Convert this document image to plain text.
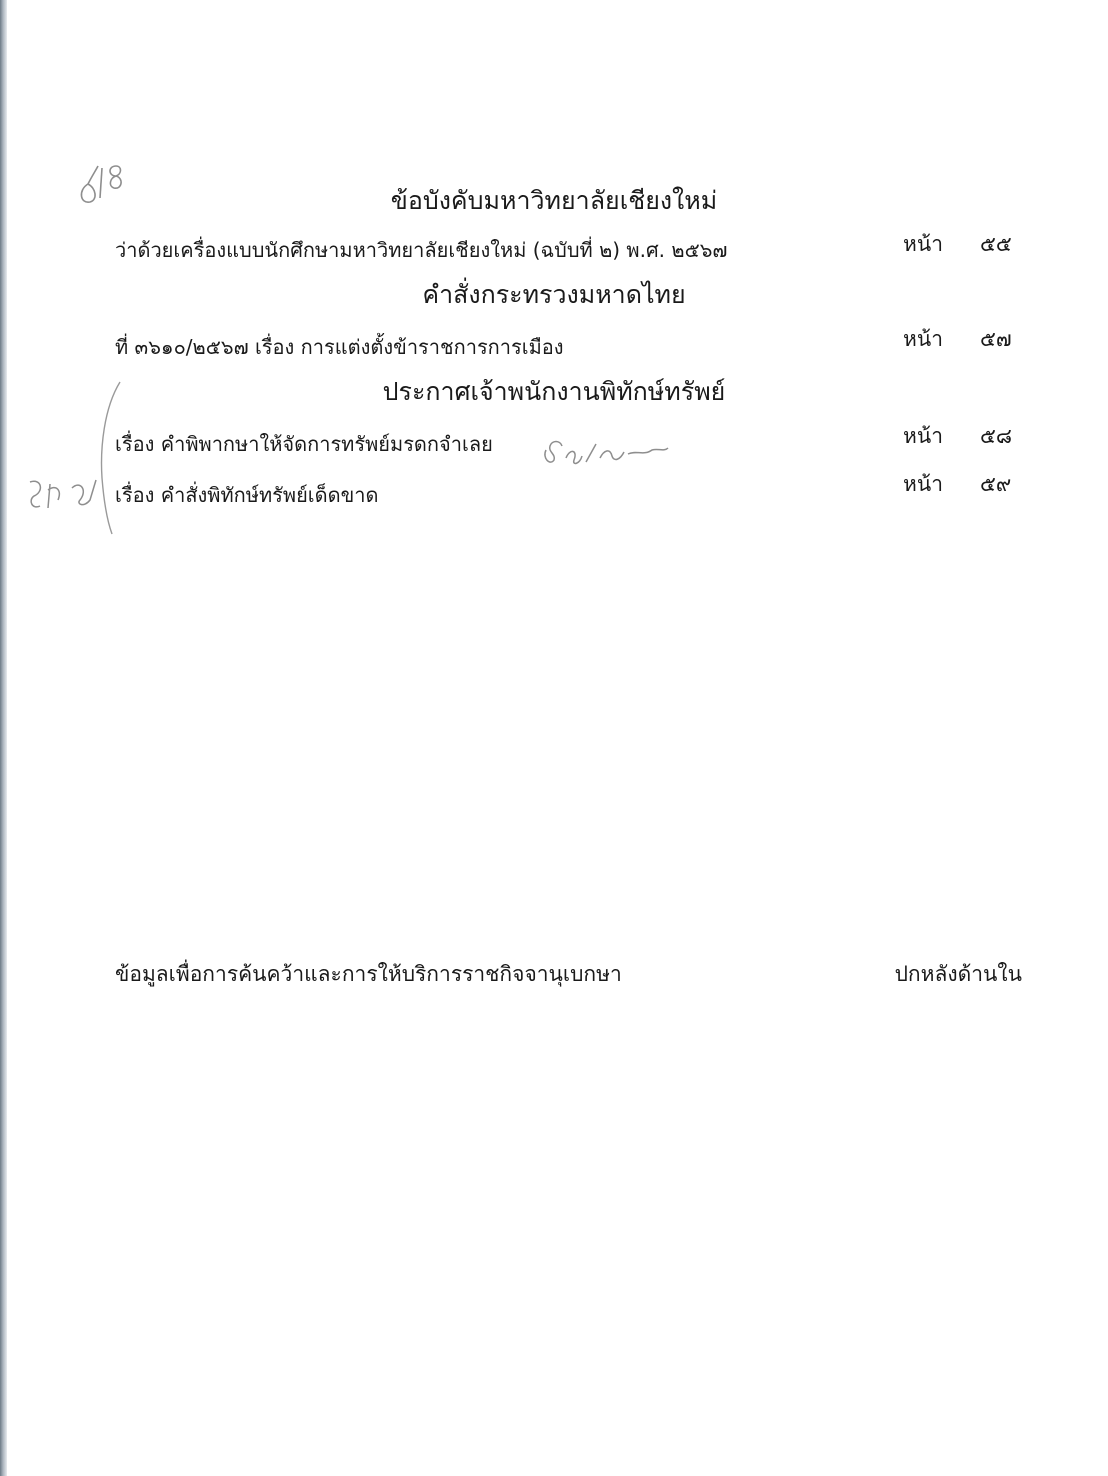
ข้อบังคับมหาวิทยาลัยเชียงใหม่
ว่าด้วยเครื่องแบบนักศึกษามหาวิทยาลัยเชียงใหม่ (ฉบับที่ ๒) พ.ศ. ๒๕๖๗	หน้า ๕๕
คำสั่งกระทรวงมหาดไทย
ที่ ๓๖๑๐/๒๕๖๗ เรื่อง การแต่งตั้งข้าราชการการเมือง	หน้า ๕๗
ประกาศเจ้าพนักงานพิทักษ์ทรัพย์
เรื่อง คำพิพากษาให้จัดการทรัพย์มรดกจำเลย	หน้า ๕๘
เรื่อง คำสั่งพิทักษ์ทรัพย์เด็ดขาด	หน้า ๕๙
ข้อมูลเพื่อการค้นคว้าและการให้บริการราชกิจจานุเบกษา	ปกหลังด้านใน
